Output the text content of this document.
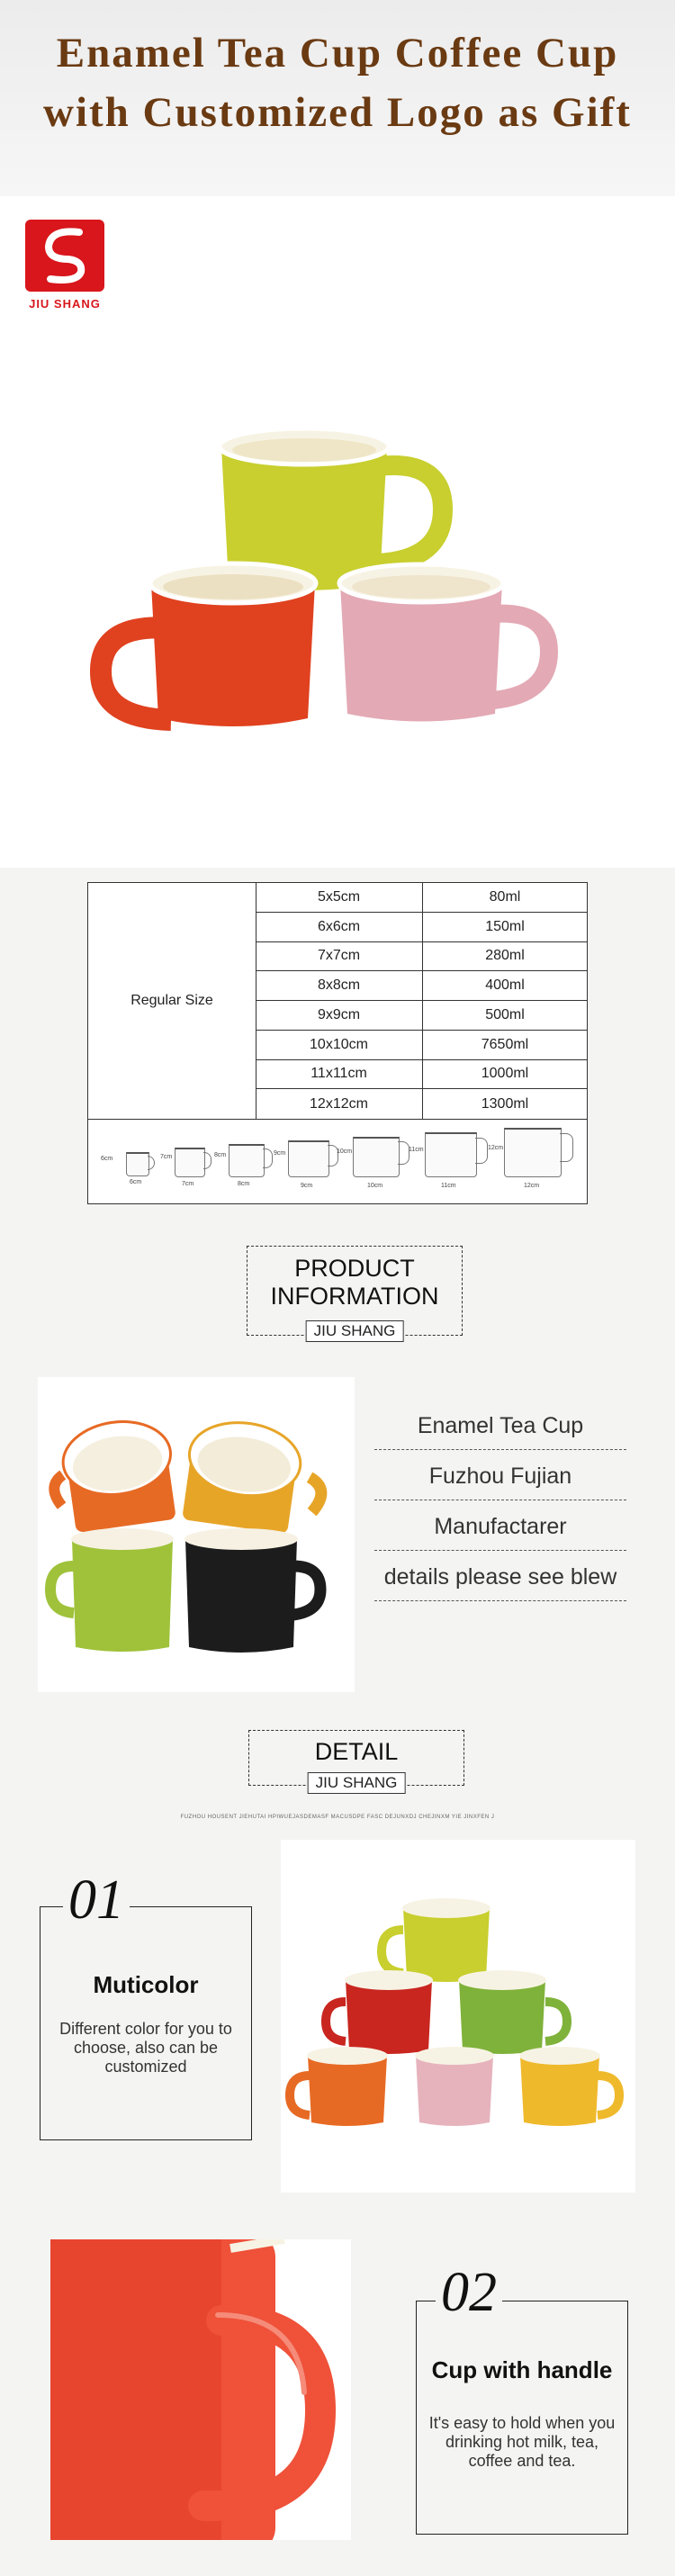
Enamel Tea Cup Coffee Cup
with Customized Logo as Gift
JIU SHANG
Regular Size
5x5cm	80ml
6x6cm	150ml
7x7cm	280ml
8x8cm	400ml
9x9cm	500ml
10x10cm	7650ml
11x11cm	1000ml
12x12cm	1300ml
6cm
6cm
7cm
7cm
8cm
8cm
9cm
9cm
10cm
10cm
11cm
11cm
12cm
12cm
PRODUCT
INFORMATION
JIU SHANG
Enamel Tea Cup
Fuzhou Fujian
Manufactarer
details please see blew
DETAIL
JIU SHANG
FUZHOU HOUSENT JIEHUTAI HPIWUEJASDEMASF MACUSDPE FASC DEJUNXDJ CHEJINXM YIE JINXFEN J
01
Muticolor
Different color for you to choose, also can be customized
02
Cup with handle
It's easy to hold when you drinking hot milk, tea, coffee and tea.
